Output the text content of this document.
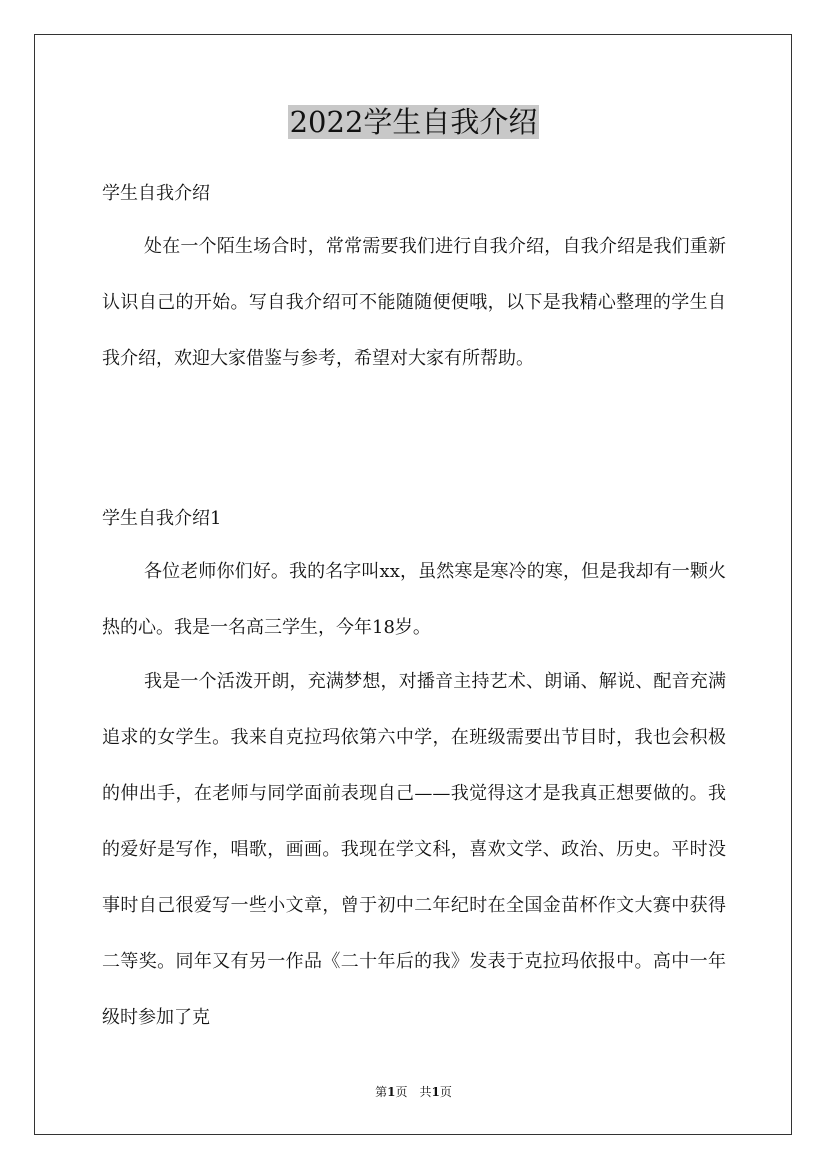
2022学生自我介绍

学生自我介绍

处在一个陌生场合时，常常需要我们进行自我介绍，自我介绍是我们重新认识自己的开始。写自我介绍可不能随随便便哦，以下是我精心整理的学生自我介绍，欢迎大家借鉴与参考，希望对大家有所帮助。

学生自我介绍1

各位老师你们好。我的名字叫xx，虽然寒是寒冷的寒，但是我却有一颗火热的心。我是一名高三学生，今年18岁。

我是一个活泼开朗，充满梦想，对播音主持艺术、朗诵、解说、配音充满追求的女学生。我来自克拉玛依第六中学，在班级需要出节目时，我也会积极的伸出手，在老师与同学面前表现自己——我觉得这才是我真正想要做的。我的爱好是写作，唱歌，画画。我现在学文科，喜欢文学、政治、历史。平时没事时自己很爱写一些小文章，曾于初中二年纪时在全国金苗杯作文大赛中获得二等奖。同年又有另一作品《二十年后的我》发表于克拉玛依报中。高中一年级时参加了克

第1页　共1页
